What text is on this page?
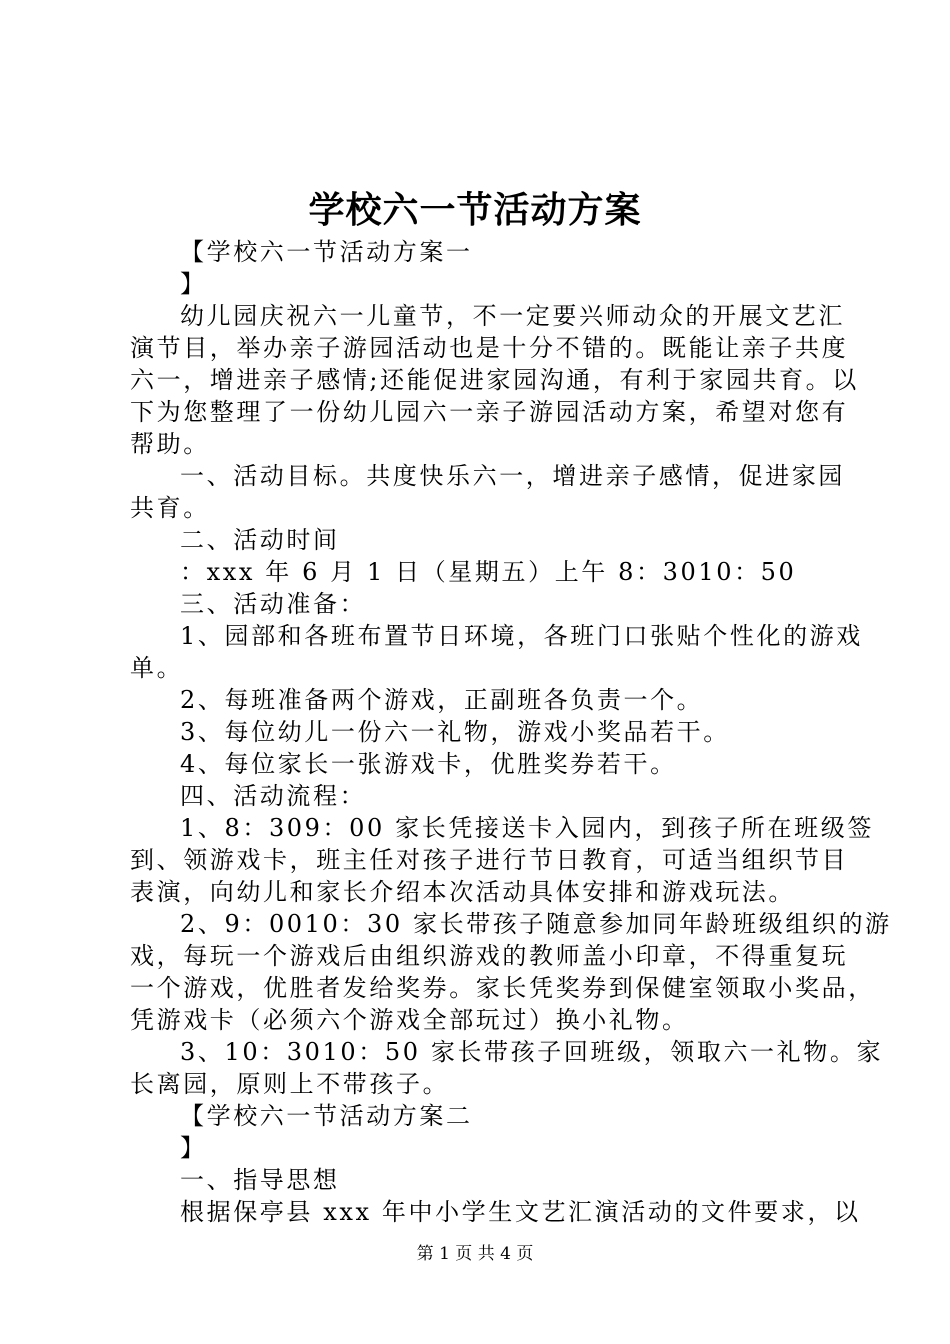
学校六一节活动方案
【学校六一节活动方案一
】
幼儿园庆祝六一儿童节，不一定要兴师动众的开展文艺汇
演节目，举办亲子游园活动也是十分不错的。既能让亲子共度
六一，增进亲子感情;还能促进家园沟通，有利于家园共育。以
下为您整理了一份幼儿园六一亲子游园活动方案，希望对您有
帮助。
一、活动目标。共度快乐六一，增进亲子感情，促进家园
共育。
二、活动时间
：xxx 年 6 月 1 日（星期五）上午 8：3010：50
三、活动准备：
1、园部和各班布置节日环境，各班门口张贴个性化的游戏
单。
2、每班准备两个游戏，正副班各负责一个。
3、每位幼儿一份六一礼物，游戏小奖品若干。
4、每位家长一张游戏卡，优胜奖券若干。
四、活动流程：
1、8：309：00 家长凭接送卡入园内，到孩子所在班级签
到、领游戏卡，班主任对孩子进行节日教育，可适当组织节目
表演，向幼儿和家长介绍本次活动具体安排和游戏玩法。
2、9：0010：30 家长带孩子随意参加同年龄班级组织的游
戏，每玩一个游戏后由组织游戏的教师盖小印章，不得重复玩
一个游戏，优胜者发给奖券。家长凭奖券到保健室领取小奖品，
凭游戏卡（必须六个游戏全部玩过）换小礼物。
3、10：3010：50 家长带孩子回班级，领取六一礼物。家
长离园，原则上不带孩子。
【学校六一节活动方案二
】
一、指导思想
根据保亭县 xxx 年中小学生文艺汇演活动的文件要求，以
第 1 页 共 4 页
